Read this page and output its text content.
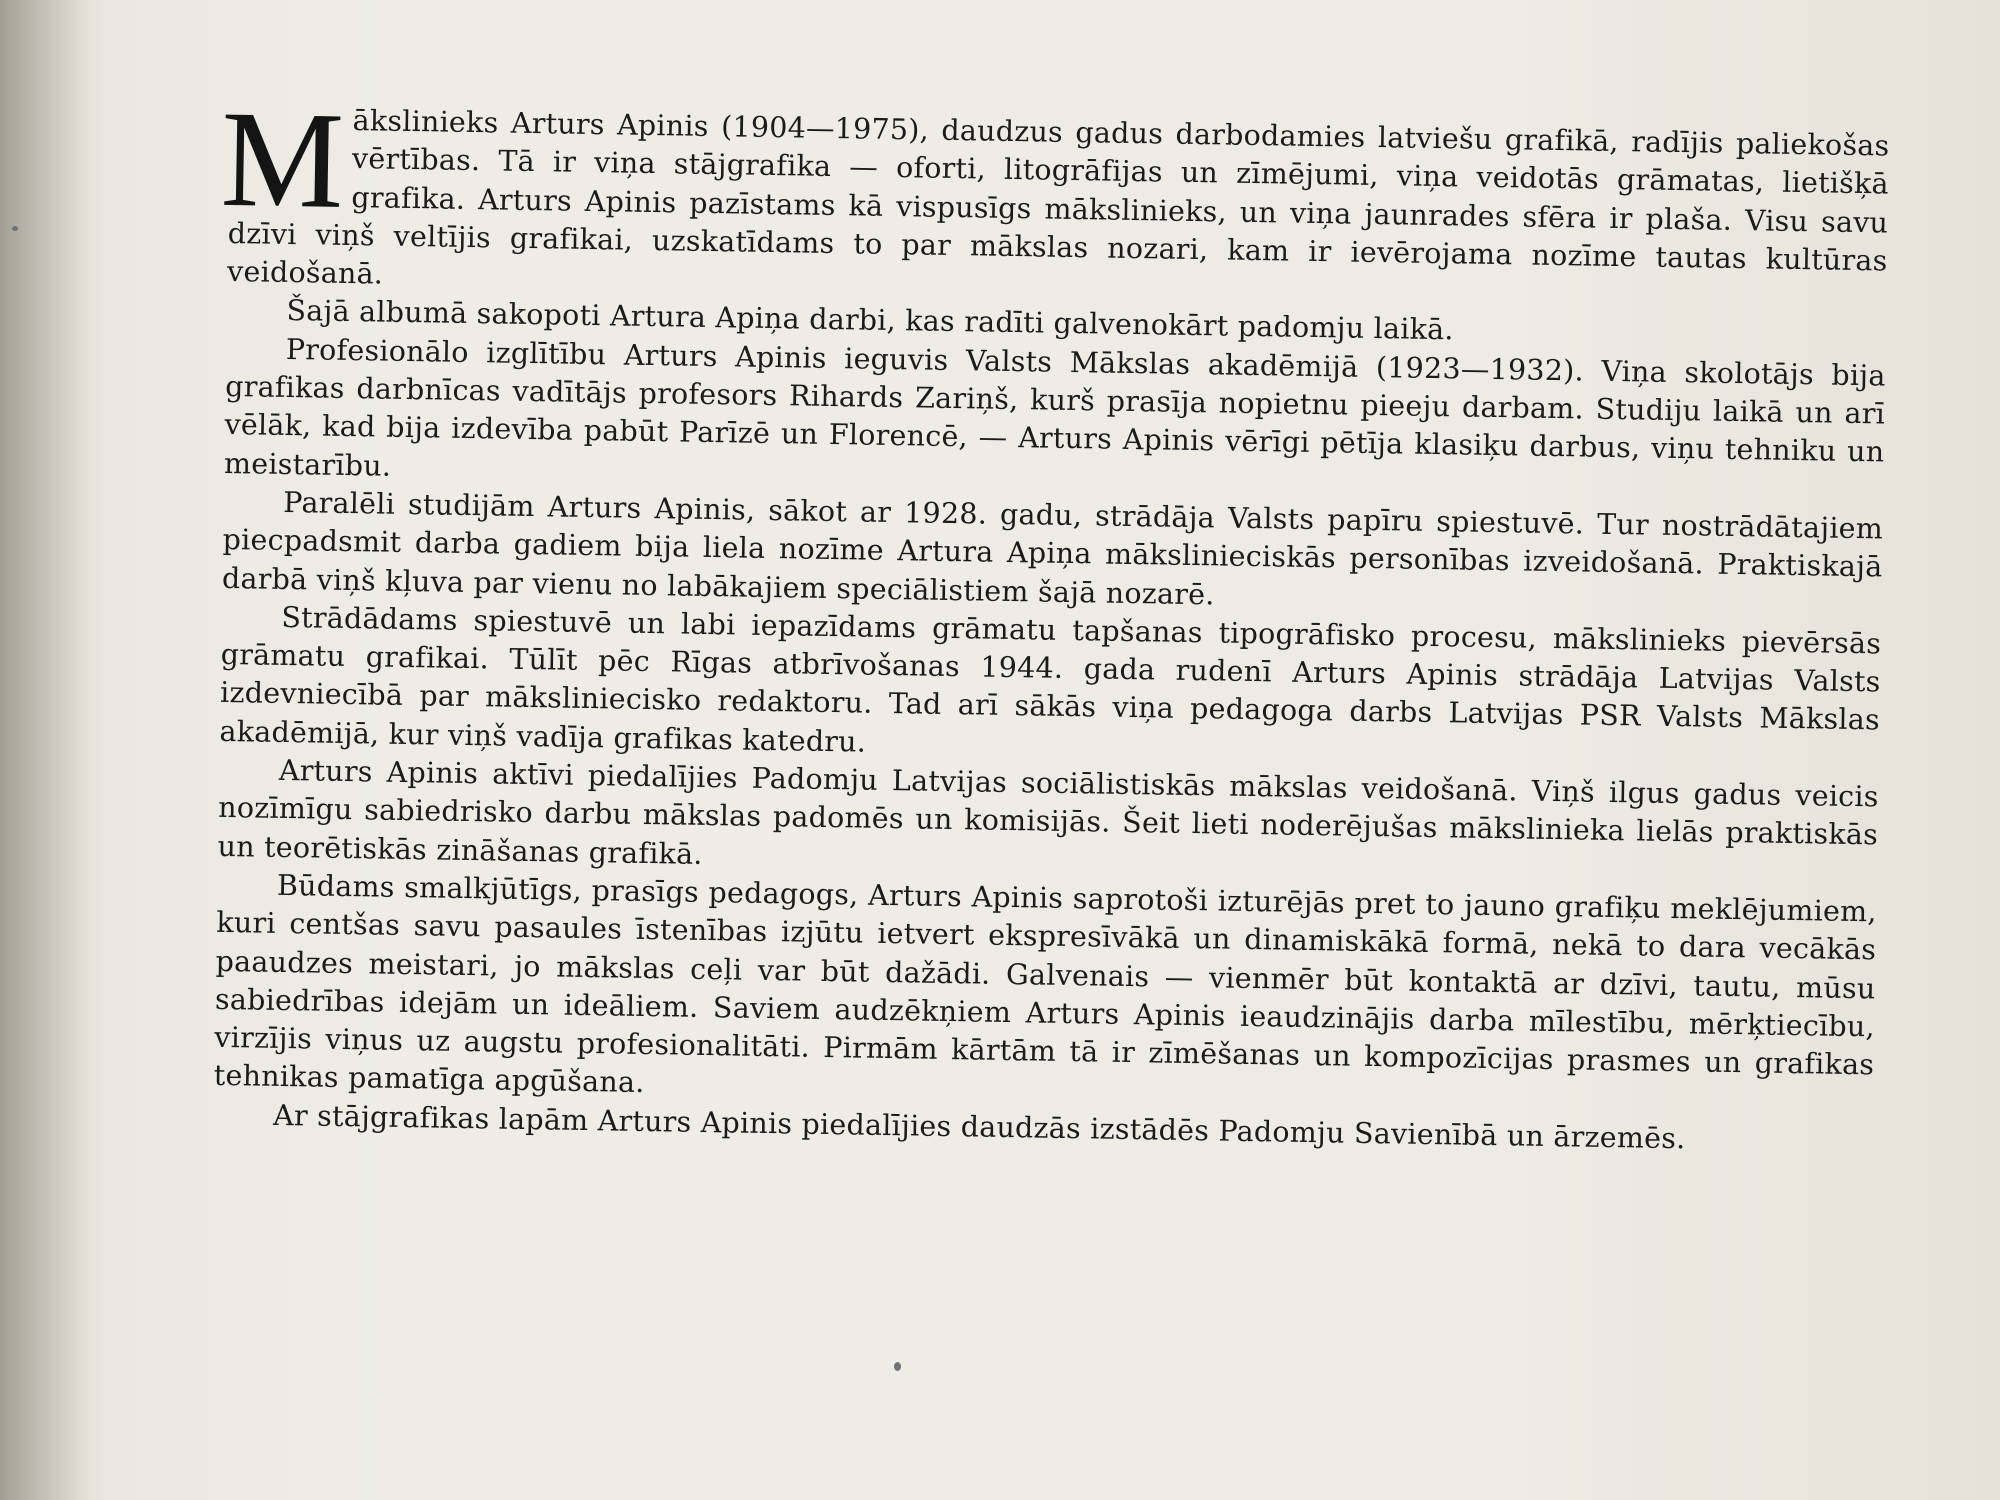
Mākslinieks Arturs Apinis (1904—1975), daudzus gadus darbodamies latviešu grafikā, radījis paliekošas vērtības. Tā ir viņa stājgrafika — oforti, litogrāfijas un zīmējumi, viņa veidotās grāmatas, lietišķā grafika. Arturs Apinis pazīstams kā vispusīgs mākslinieks, un viņa jaunrades sfēra ir plaša. Visu savu dzīvi viņš veltījis grafikai, uzskatīdams to par mākslas nozari, kam ir ievērojama nozīme tautas kultūras veidošanā.

Šajā albumā sakopoti Artura Apiņa darbi, kas radīti galvenokārt padomju laikā.

Profesionālo izglītību Arturs Apinis ieguvis Valsts Mākslas akadēmijā (1923—1932). Viņa skolotājs bija grafikas darbnīcas vadītājs profesors Rihards Zariņš, kurš prasīja nopietnu pieeju darbam. Studiju laikā un arī vēlāk, kad bija izdevība pabūt Parīzē un Florencē, — Arturs Apinis vērīgi pētīja klasiķu darbus, viņu tehniku un meistarību.

Paralēli studijām Arturs Apinis, sākot ar 1928. gadu, strādāja Valsts papīru spiestuvē. Tur nostrādātajiem piecpadsmit darba gadiem bija liela nozīme Artura Apiņa mākslinieciskās personības izveidošanā. Praktiskajā darbā viņš kļuva par vienu no labākajiem speciālistiem šajā nozarē.

Strādādams spiestuvē un labi iepazīdams grāmatu tapšanas tipogrāfisko procesu, mākslinieks pievērsās grāmatu grafikai. Tūlīt pēc Rīgas atbrīvošanas 1944. gada rudenī Arturs Apinis strādāja Latvijas Valsts izdevniecībā par mākslinieciskо redaktoru. Tad arī sākās viņa pedagoga darbs Latvijas PSR Valsts Mākslas akadēmijā, kur viņš vadīja grafikas katedru.

Arturs Apinis aktīvi piedalījies Padomju Latvijas sociālistiskās mākslas veidošanā. Viņš ilgus gadus veicis nozīmīgu sabiedrisko darbu mākslas padomēs un komisijās. Šeit lieti noderējušas mākslinieka lielās praktiskās un teorētiskās zināšanas grafikā.

Būdams smalkjūtīgs, prasīgs pedagogs, Arturs Apinis saprotoši izturējās pret to jauno grafiķu meklējumiem, kuri centšas savu pasaules īstenības izjūtu ietvert ekspresīvākā un dinamiskākā formā, nekā to dara vecākās paaudzes meistari, jo mākslas ceļi var būt dažādi. Galvenais — vienmēr būt kontaktā ar dzīvi, tautu, mūsu sabiedrības idejām un ideāliem. Saviem audzēkņiem Arturs Apinis ieaudzinājis darba mīlestību, mērķtiecību, virzījis viņus uz augstu profesionalitāti. Pirmām kārtām tā ir zīmēšanas un kompozīcijas prasmes un grafikas tehnikas pamatīga apgūšana.

Ar stājgrafikas lapām Arturs Apinis piedalījies daudzās izstādēs Padomju Savienībā un ārzemēs.
